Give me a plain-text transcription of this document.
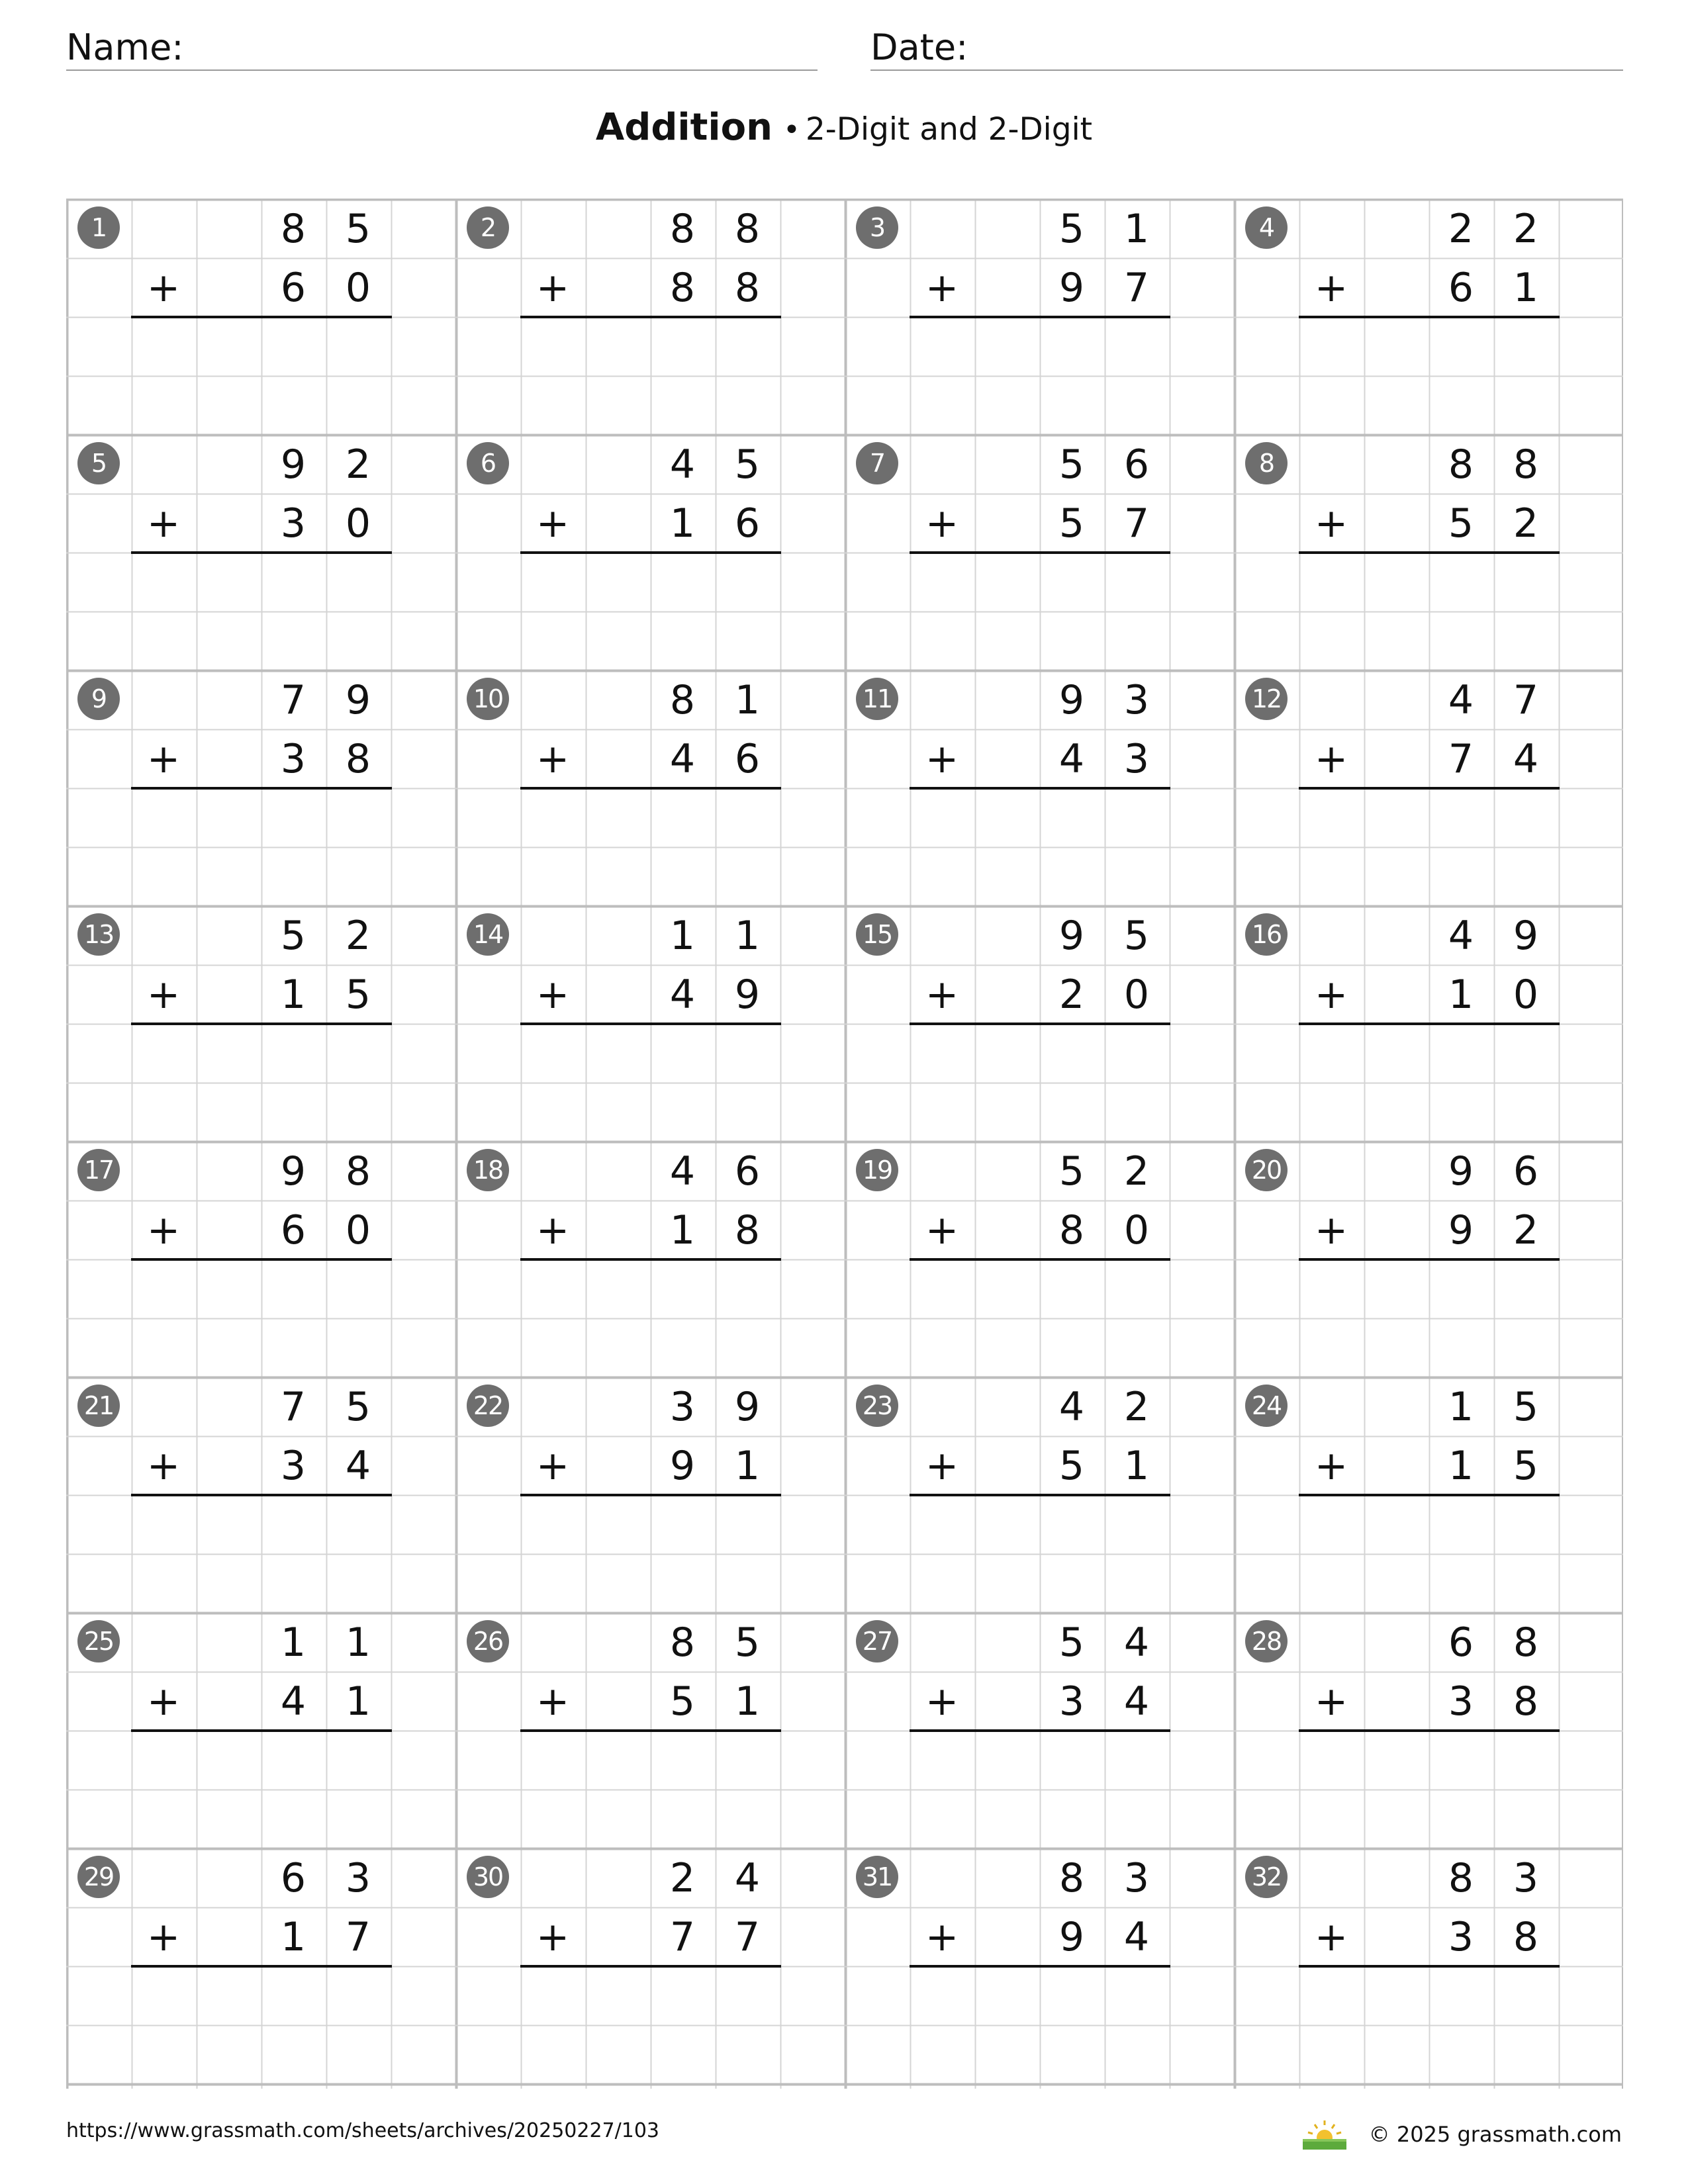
Name:	Date:
Addition • 2-Digit and 2-Digit
1	8 5
+	6 0
2	8 8
+	8 8
3	5 1
+	9 7
4	2 2
+	6 1
5	9 2
+	3 0
6	4 5
+	1 6
7	5 6
+	5 7
8	8 8
+	5 2
9	7 9
+	3 8
10	8 1
+	4 6
11	9 3
+	4 3
12	4 7
+	7 4
13	5 2
+	1 5
14	1 1
+	4 9
15	9 5
+	2 0
16	4 9
+	1 0
17	9 8
+	6 0
18	4 6
+	1 8
19	5 2
+	8 0
20	9 6
+	9 2
21	7 5
+	3 4
22	3 9
+	9 1
23	4 2
+	5 1
24	1 5
+	1 5
25	1 1
+	4 1
26	8 5
+	5 1
27	5 4
+	3 4
28	6 8
+	3 8
29	6 3
+	1 7
30	2 4
+	7 7
31	8 3
+	9 4
32	8 3
+	3 8
https://www.grassmath.com/sheets/archives/20250227/103	© 2025 grassmath.com
